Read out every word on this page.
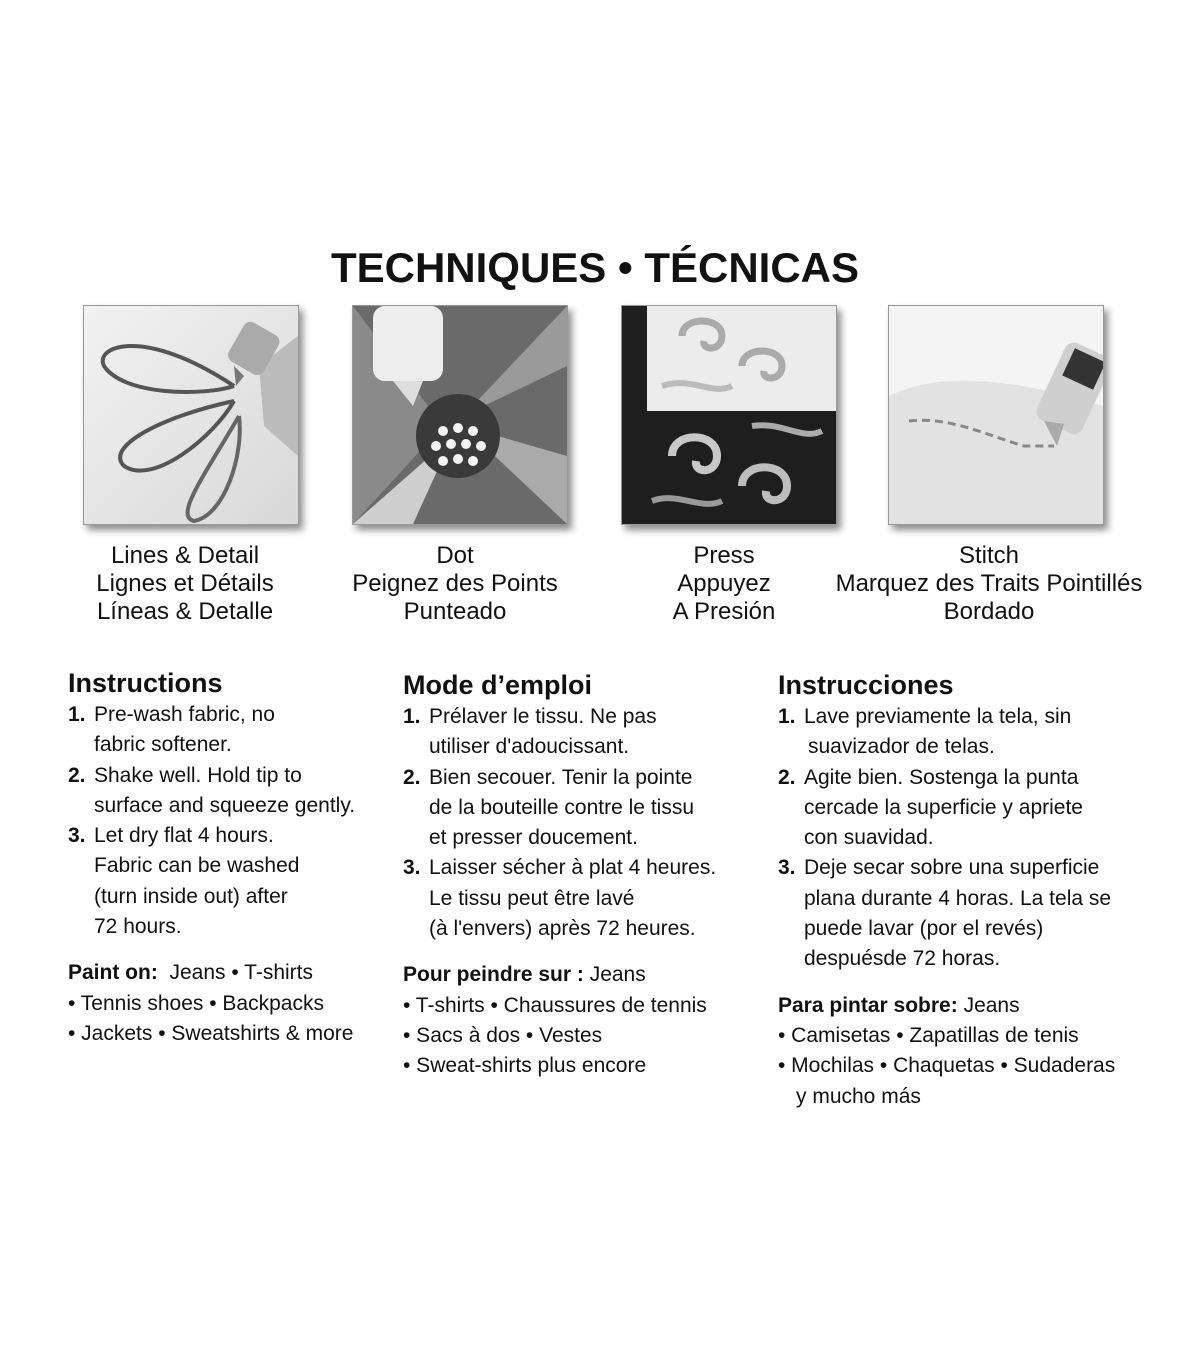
TECHNIQUES • TÉCNICAS
Lines & Detail
Lignes et Détails
Líneas & Detalle
Dot
Peignez des Points
Punteado
Press
Appuyez
A Presión
Stitch
Marquez des Traits Pointillés
Bordado
Instructions
1. Pre-wash fabric, no
fabric softener.
2. Shake well. Hold tip to
surface and squeeze gently.
3. Let dry flat 4 hours.
Fabric can be washed
(turn inside out) after
72 hours.
Paint on: Jeans • T-shirts
• Tennis shoes • Backpacks
• Jackets • Sweatshirts & more
Mode d’emploi
1. Prélaver le tissu. Ne pas
utiliser d'adoucissant.
2. Bien secouer. Tenir la pointe
de la bouteille contre le tissu
et presser doucement.
3. Laisser sécher à plat 4 heures.
Le tissu peut être lavé
(à l'envers) après 72 heures.
Pour peindre sur : Jeans
• T-shirts • Chaussures de tennis
• Sacs à dos • Vestes
• Sweat-shirts plus encore
Instrucciones
1. Lave previamente la tela, sin
suavizador de telas.
2. Agite bien. Sostenga la punta
cercade la superficie y apriete
con suavidad.
3. Deje secar sobre una superficie
plana durante 4 horas. La tela se
puede lavar (por el revés)
despuésde 72 horas.
Para pintar sobre: Jeans
• Camisetas • Zapatillas de tenis
• Mochilas • Chaquetas • Sudaderas
y mucho más
